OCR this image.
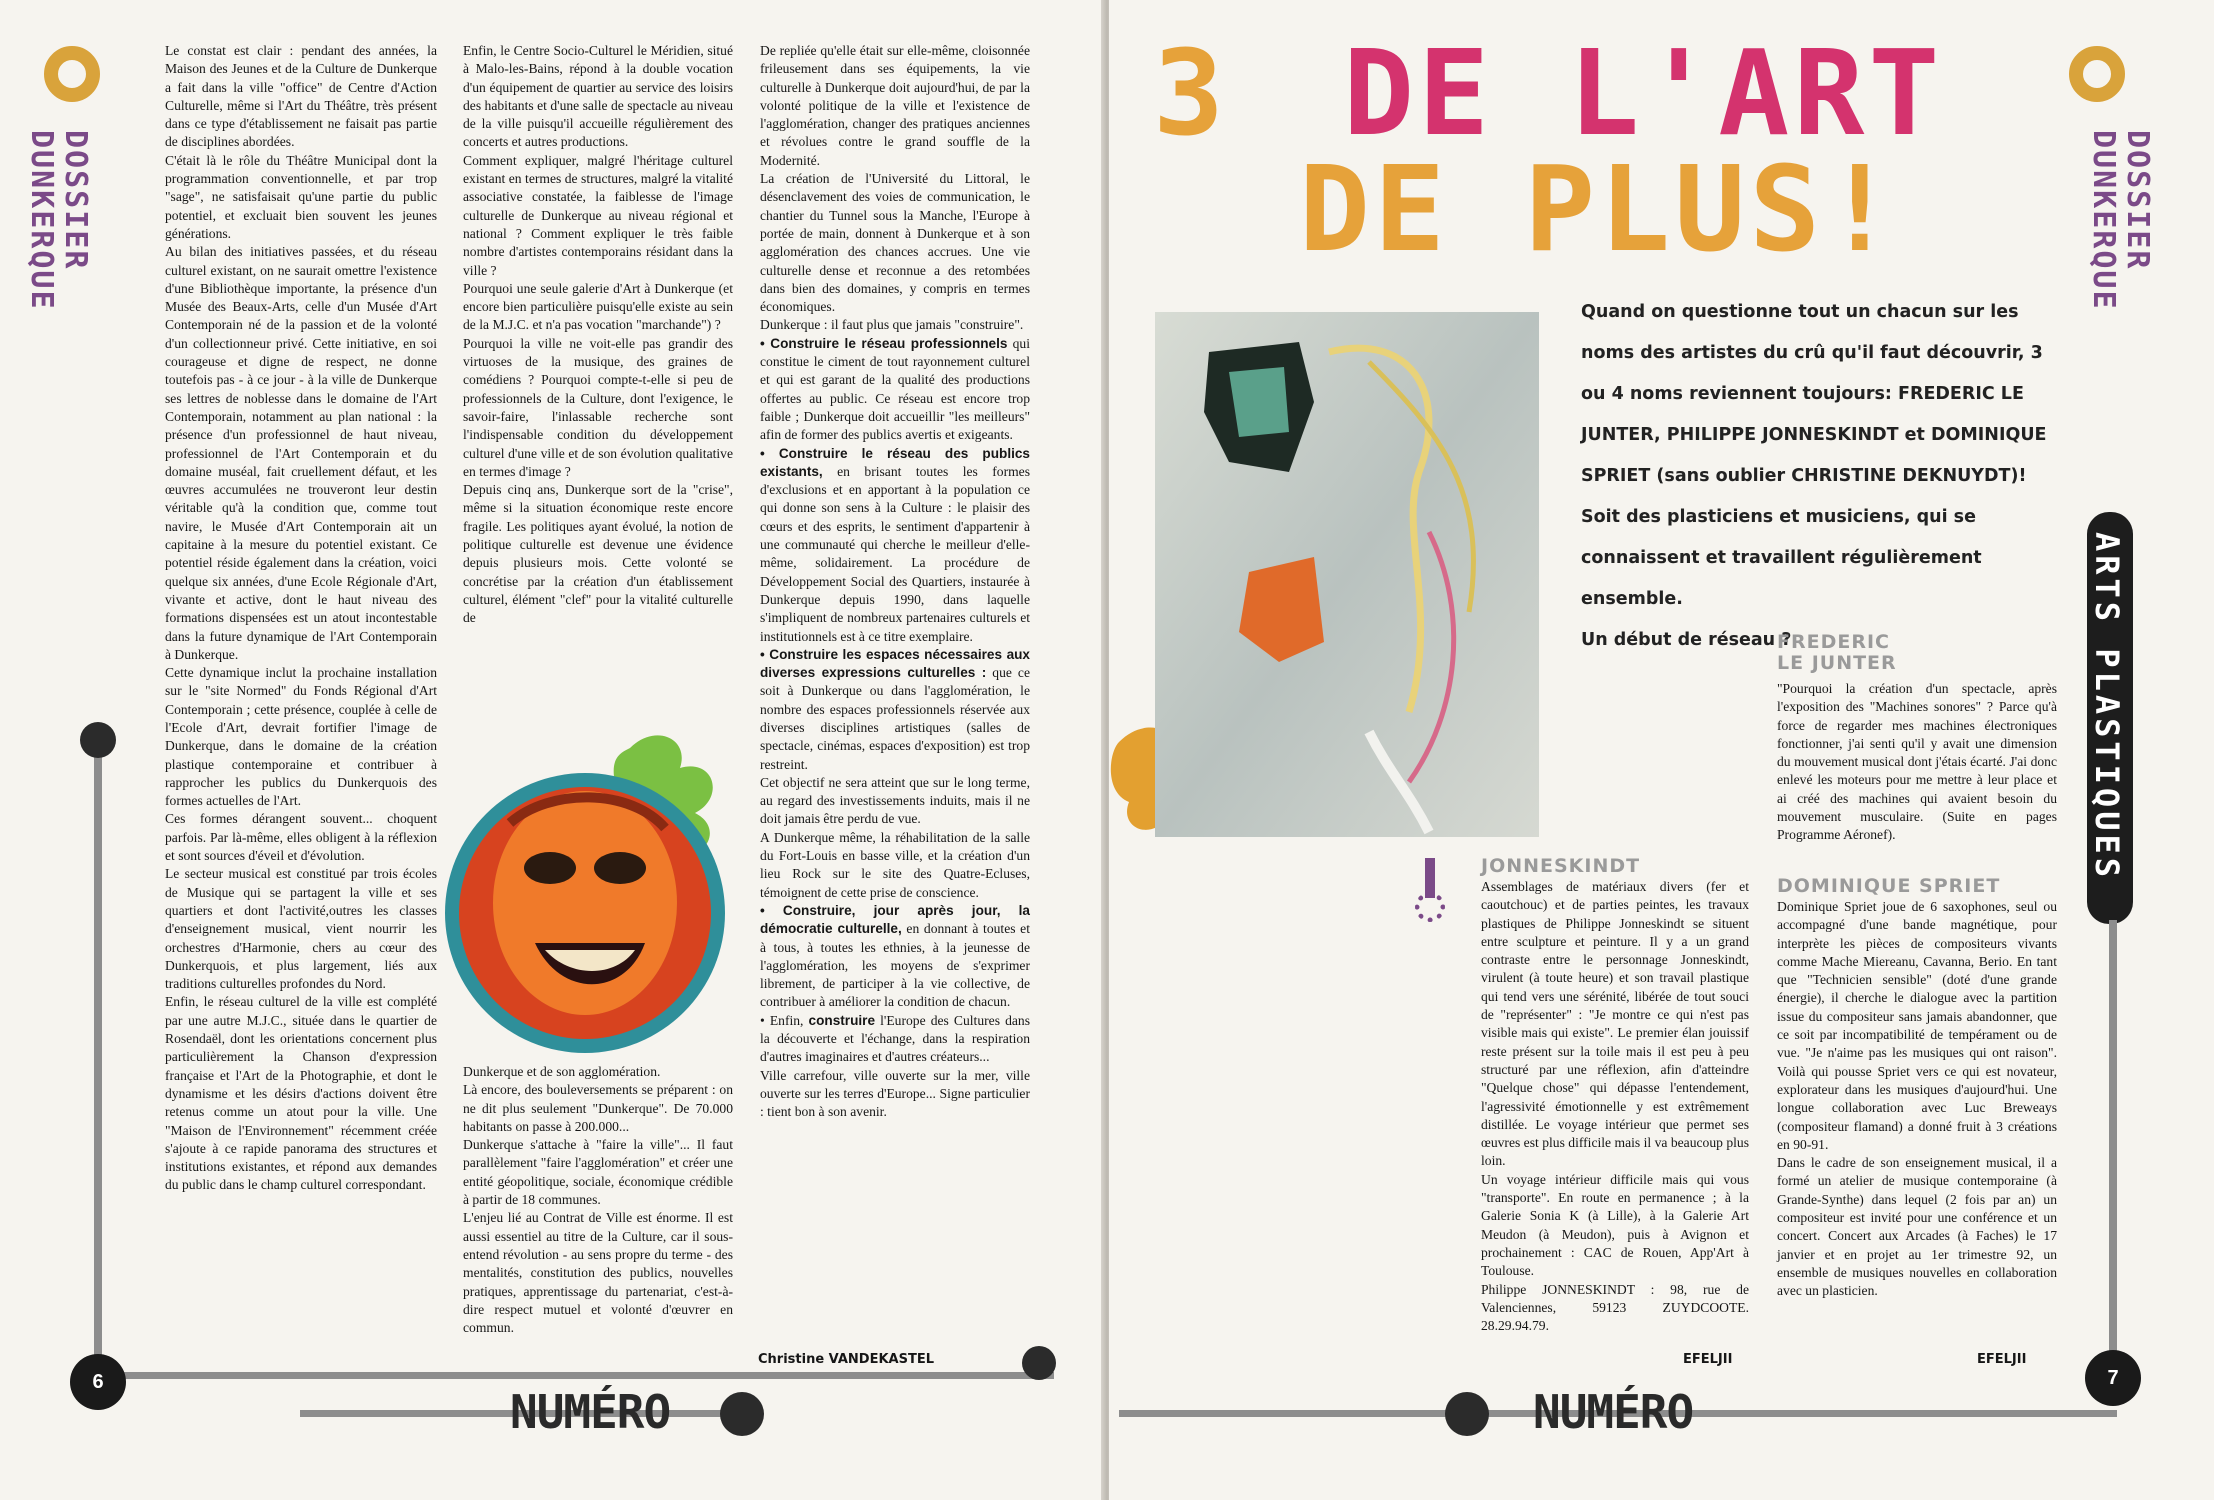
DOSSIER DUNKERQUE
6
NUMÉRO

Le constat est clair : pendant des années, la Maison des Jeunes et de la Culture de Dunkerque a fait dans la ville "office" de Centre d'Action Culturelle, même si l'Art du Théâtre, très présent dans ce type d'établissement ne faisait pas partie de disciplines abordées.

C'était là le rôle du Théâtre Municipal dont la programmation conventionnelle, et par trop "sage", ne satisfaisait qu'une partie du public potentiel, et excluait bien souvent les jeunes générations.

Au bilan des initiatives passées, et du réseau culturel existant, on ne saurait omettre l'existence d'une Bibliothèque importante, la présence d'un Musée des Beaux-Arts, celle d'un Musée d'Art Contemporain né de la passion et de la volonté d'un collectionneur privé. Cette initiative, en soi courageuse et digne de respect, ne donne toutefois pas - à ce jour - à la ville de Dunkerque ses lettres de noblesse dans le domaine de l'Art Contemporain, notamment au plan national : la présence d'un professionnel de haut niveau, professionnel de l'Art Contemporain et du domaine muséal, fait cruellement défaut, et les œuvres accumulées ne trouveront leur destin véritable qu'à la condition que, comme tout navire, le Musée d'Art Contemporain ait un capitaine à la mesure du potentiel existant. Ce potentiel réside également dans la création, voici quelque six années, d'une Ecole Régionale d'Art, vivante et active, dont le haut niveau des formations dispensées est un atout incontestable dans la future dynamique de l'Art Contemporain à Dunkerque.

Cette dynamique inclut la prochaine installation sur le "site Normed" du Fonds Régional d'Art Contemporain ; cette présence, couplée à celle de l'Ecole d'Art, devrait fortifier l'image de Dunkerque, dans le domaine de la création plastique contemporaine et contribuer à rapprocher les publics du Dunkerquois des formes actuelles de l'Art.

Ces formes dérangent souvent... choquent parfois. Par là-même, elles obligent à la réflexion et sont sources d'éveil et d'évolution.

Le secteur musical est constitué par trois écoles de Musique qui se partagent la ville et ses quartiers et dont l'activité,outres les classes d'enseignement musical, vient nourrir les orchestres d'Harmonie, chers au cœur des Dunkerquois, et plus largement, liés aux traditions culturelles profondes du Nord.

Enfin, le réseau culturel de la ville est complété par une autre M.J.C., située dans le quartier de Rosendaël, dont les orientations concernent plus particulièrement la Chanson d'expression française et l'Art de la Photographie, et dont le dynamisme et les désirs d'actions doivent être retenus comme un atout pour la ville. Une "Maison de l'Environnement" récemment créée s'ajoute à ce rapide panorama des structures et institutions existantes, et répond aux demandes du public dans le champ culturel correspondant.

Enfin, le Centre Socio-Culturel le Méridien, situé à Malo-les-Bains, répond à la double vocation d'un équipement de quartier au service des loisirs des habitants et d'une salle de spectacle au niveau de la ville puisqu'il accueille régulièrement des concerts et autres productions.

Comment expliquer, malgré l'héritage culturel existant en termes de structures, malgré la vitalité associative constatée, la faiblesse de l'image culturelle de Dunkerque au niveau régional et national ? Comment expliquer le très faible nombre d'artistes contemporains résidant dans la ville ?

Pourquoi une seule galerie d'Art à Dunkerque (et encore bien particulière puisqu'elle existe au sein de la M.J.C. et n'a pas vocation "marchande") ?

Pourquoi la ville ne voit-elle pas grandir des virtuoses de la musique, des graines de comédiens ? Pourquoi compte-t-elle si peu de professionnels de la Culture, dont l'exigence, le savoir-faire, l'inlassable recherche sont l'indispensable condition du développement culturel d'une ville et de son évolution qualitative en termes d'image ?

Depuis cinq ans, Dunkerque sort de la "crise", même si la situation économique reste encore fragile. Les politiques ayant évolué, la notion de politique culturelle est devenue une évidence depuis plusieurs mois. Cette volonté se concrétise par la création d'un établissement culturel, élément "clef" pour la vitalité culturelle de

Dunkerque et de son agglomération.

Là encore, des bouleversements se préparent : on ne dit plus seulement "Dunkerque". De 70.000 habitants on passe à 200.000...

Dunkerque s'attache à "faire la ville"... Il faut parallèlement "faire l'agglomération" et créer une entité géopolitique, sociale, économique crédible à partir de 18 communes.

L'enjeu lié au Contrat de Ville est énorme. Il est aussi essentiel au titre de la Culture, car il sous-entend révolution - au sens propre du terme - des mentalités, constitution des publics, nouvelles pratiques, apprentissage du partenariat, c'est-à-dire respect mutuel et volonté d'œuvrer en commun.

De repliée qu'elle était sur elle-même, cloisonnée frileusement dans ses équipements, la vie culturelle à Dunkerque doit aujourd'hui, de par la volonté politique de la ville et l'existence de l'agglomération, changer des pratiques anciennes et révolues contre le grand souffle de la Modernité.

La création de l'Université du Littoral, le désenclavement des voies de communication, le chantier du Tunnel sous la Manche, l'Europe à portée de main, donnent à Dunkerque et à son agglomération des chances accrues. Une vie culturelle dense et reconnue a des retombées dans bien des domaines, y compris en termes économiques.

Dunkerque : il faut plus que jamais "construire".

• Construire le réseau professionnels qui constitue le ciment de tout rayonnement culturel et qui est garant de la qualité des productions offertes au public. Ce réseau est encore trop faible ; Dunkerque doit accueillir "les meilleurs" afin de former des publics avertis et exigeants.

• Construire le réseau des publics existants, en brisant toutes les formes d'exclusions et en apportant à la population ce qui donne son sens à la Culture : le plaisir des cœurs et des esprits, le sentiment d'appartenir à une communauté qui cherche le meilleur d'elle-même, solidairement. La procédure de Développement Social des Quartiers, instaurée à Dunkerque depuis 1990, dans laquelle s'impliquent de nombreux partenaires culturels et institutionnels est à ce titre exemplaire.

• Construire les espaces nécessaires aux diverses expressions culturelles : que ce soit à Dunkerque ou dans l'agglomération, le nombre des espaces professionnels réservée aux diverses disciplines artistiques (salles de spectacle, cinémas, espaces d'exposition) est trop restreint.

Cet objectif ne sera atteint que sur le long terme, au regard des investissements induits, mais il ne doit jamais être perdu de vue.

A Dunkerque même, la réhabilitation de la salle du Fort-Louis en basse ville, et la création d'un lieu Rock sur le site des Quatre-Ecluses, témoignent de cette prise de conscience.

• Construire, jour après jour, la démocratie culturelle, en donnant à toutes et à tous, à toutes les ethnies, à la jeunesse de l'agglomération, les moyens de s'exprimer librement, de participer à la vie collective, de contribuer à améliorer la condition de chacun.

• Enfin, construire l'Europe des Cultures dans la découverte et l'échange, dans la respiration d'autres imaginaires et d'autres créateurs...

Ville carrefour, ville ouverte sur la mer, ville ouverte sur les terres d'Europe... Signe particulier : tient bon à son avenir.

Christine VANDEKASTEL
3 DE L'ART
DE PLUS!	DOSSIER DUNKERQUE
ARTS PLASTIQUES
7
NUMÉRO
Quand on questionne tout un chacun sur les noms des artistes du crû qu'il faut découvrir, 3 ou 4 noms reviennent toujours: FREDERIC LE JUNTER, PHILIPPE JONNESKINDT et DOMINIQUE SPRIET (sans oublier CHRISTINE DEKNUYDT)! Soit des plasticiens et musiciens, qui se connaissent et travaillent régulièrement ensemble.
Un début de réseau ?
JONNESKINDT

Assemblages de matériaux divers (fer et caoutchouc) et de parties peintes, les travaux plastiques de Philippe Jonneskindt se situent entre sculpture et peinture. Il y a un grand contraste entre le personnage Jonneskindt, virulent (à toute heure) et son travail plastique qui tend vers une sérénité, libérée de tout souci de "représenter" : "Je montre ce qui n'est pas visible mais qui existe". Le premier élan jouissif reste présent sur la toile mais il est peu à peu structuré par une réflexion, afin d'atteindre "Quelque chose" qui dépasse l'entendement, l'agressivité émotionnelle y est extrêmement distillée. Le voyage intérieur que permet ses œuvres est plus difficile mais il va beaucoup plus loin.

Un voyage intérieur difficile mais qui vous "transporte". En route en permanence ; à la Galerie Sonia K (à Lille), à la Galerie Art Meudon (à Meudon), puis à Avignon et prochainement : CAC de Rouen, App'Art à Toulouse.

Philippe JONNESKINDT : 98, rue de Valenciennes, 59123 ZUYDCOOTE. 28.29.94.79.

EFELJII
FREDERIC
LE JUNTER

"Pourquoi la création d'un spectacle, après l'exposition des "Machines sonores" ? Parce qu'à force de regarder mes machines électroniques fonctionner, j'ai senti qu'il y avait une dimension du mouvement musical dont j'étais écarté. J'ai donc enlevé les moteurs pour me mettre à leur place et ai créé des machines qui avaient besoin du mouvement musculaire. (Suite en pages Programme Aéronef).

DOMINIQUE SPRIET

Dominique Spriet joue de 6 saxophones, seul ou accompagné d'une bande magnétique, pour interprète les pièces de compositeurs vivants comme Mache Miereanu, Cavanna, Berio. En tant que "Technicien sensible" (doté d'une grande énergie), il cherche le dialogue avec la partition issue du compositeur sans jamais abandonner, que ce soit par incompatibilité de tempérament ou de vue. "Je n'aime pas les musiques qui ont raison". Voilà qui pousse Spriet vers ce qui est novateur, explorateur dans les musiques d'aujourd'hui. Une longue collaboration avec Luc Breweays (compositeur flamand) a donné fruit à 3 créations en 90-91.

Dans le cadre de son enseignement musical, il a formé un atelier de musique contemporaine (à Grande-Synthe) dans lequel (2 fois par an) un compositeur est invité pour une conférence et un concert. Concert aux Arcades (à Faches) le 17 janvier et en projet au 1er trimestre 92, un ensemble de musiques nouvelles en collaboration avec un plasticien.

EFELJII
